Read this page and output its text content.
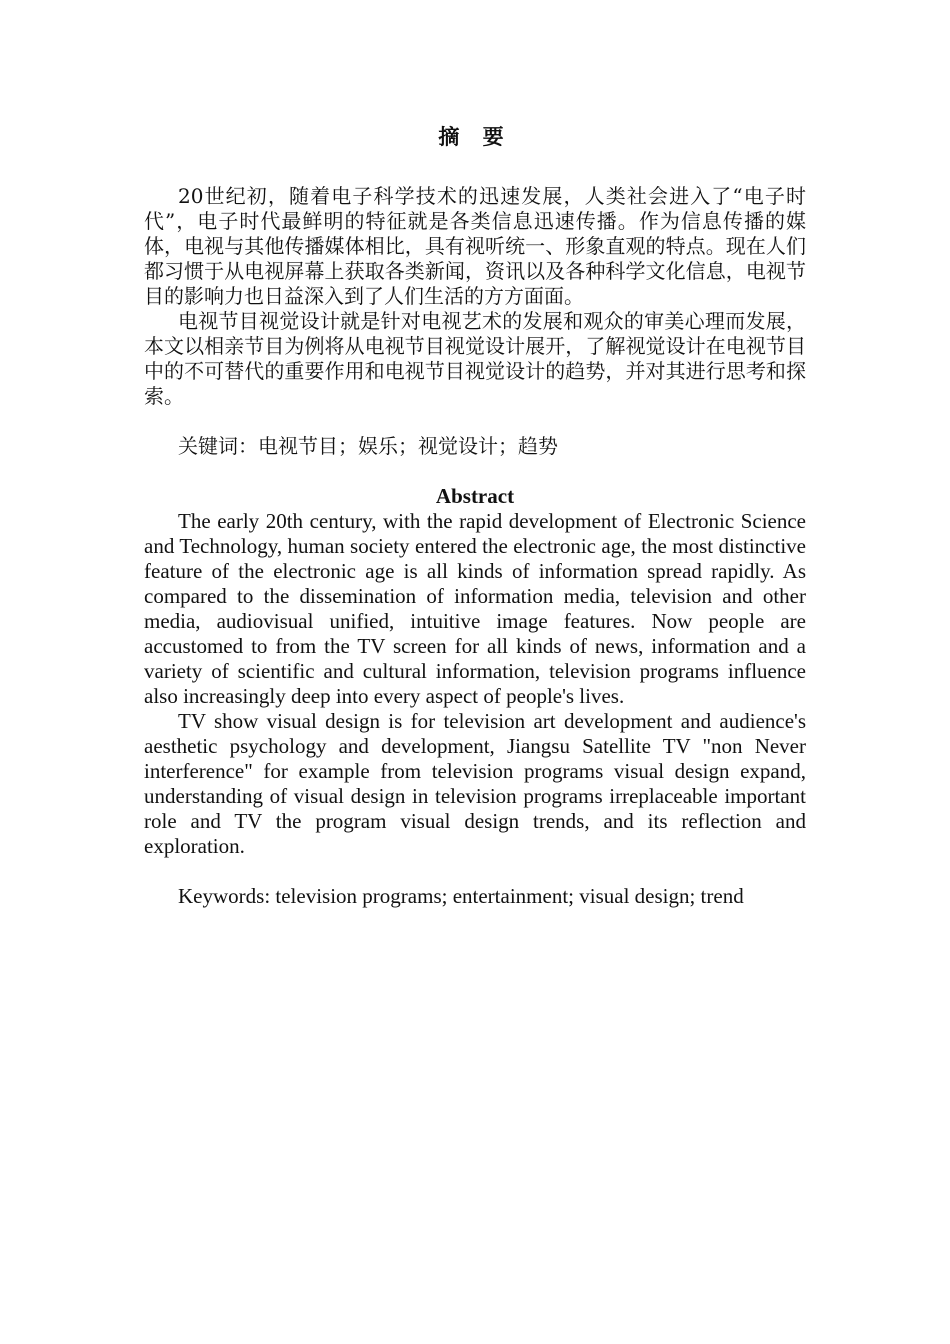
摘 要

20世纪初，随着电子科学技术的迅速发展，人类社会进入了“电子时代”，电子时代最鲜明的特征就是各类信息迅速传播。作为信息传播的媒体，电视与其他传播媒体相比，具有视听统一、形象直观的特点。现在人们都习惯于从电视屏幕上获取各类新闻，资讯以及各种科学文化信息，电视节目的影响力也日益深入到了人们生活的方方面面。

电视节目视觉设计就是针对电视艺术的发展和观众的审美心理而发展，本文以相亲节目为例将从电视节目视觉设计展开，了解视觉设计在电视节目中的不可替代的重要作用和电视节目视觉设计的趋势，并对其进行思考和探索。

关键词：电视节目；娱乐；视觉设计；趋势

Abstract

The early 20th century, with the rapid development of Electronic Science and Technology, human society entered the electronic age, the most distinctive feature of the electronic age is all kinds of information spread rapidly. As compared to the dissemination of information media, television and other media, audiovisual unified, intuitive image features. Now people are accustomed to from the TV screen for all kinds of news, information and a variety of scientific and cultural information, television programs influence also increasingly deep into every aspect of people's lives.

TV show visual design is for television art development and audience's aesthetic psychology and development, Jiangsu Satellite TV "non Never interference" for example from television programs visual design expand, understanding of visual design in television programs irreplaceable important role and TV the program visual design trends, and its reflection and exploration.

Keywords: television programs; entertainment; visual design; trend
